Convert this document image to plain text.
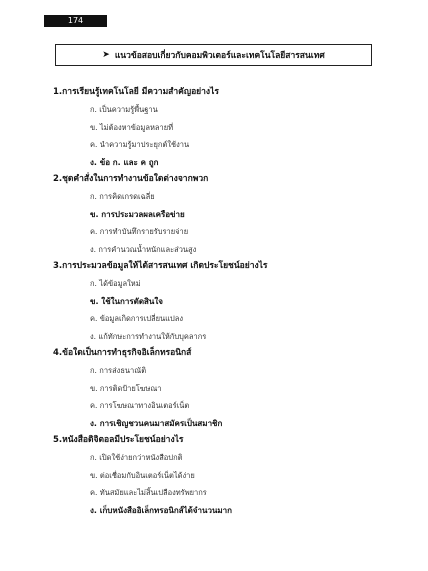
174
➤ แนวข้อสอบเกี่ยวกับคอมพิวเตอร์และเทคโนโลยีสารสนเทศ
1.การเรียนรู้เทคโนโลยี มีความสำคัญอย่างไร
ก. เป็นความรู้พื้นฐาน
ข. ไม่ต้องหาข้อมูลหลายที่
ค. นำความรู้มาประยุกต์ใช้งาน
ง. ข้อ ก. และ ค ถูก
2.ชุดคำสั่งในการทำงานข้อใดต่างจากพวก
ก. การคิดเกรดเฉลี่ย
ข. การประมวลผลเครือข่าย
ค. การทำบันทึกรายรับรายจ่าย
ง. การคำนวณน้ำหนักและส่วนสูง
3.การประมวลข้อมูลให้ได้สารสนเทศ เกิดประโยชน์อย่างไร
ก. ได้ข้อมูลใหม่
ข. ใช้ในการตัดสินใจ
ค. ข้อมูลเกิดการเปลี่ยนแปลง
ง. แก้ทักษะการทำงานให้กับบุคลากร
4.ข้อใดเป็นการทำธุรกิจอิเล็กทรอนิกส์
ก. การส่งธนาณัติ
ข. การติดป้ายโฆษณา
ค. การโฆษณาทางอินเตอร์เน็ต
ง. การเชิญชวนคนมาสมัครเป็นสมาชิก
5.หนังสือดิจิตอลมีประโยชน์อย่างไร
ก. เปิดใช้ง่ายกว่าหนังสือปกติ
ข. ต่อเชื่อมกับอินเตอร์เน็ตได้ง่าย
ค. ทันสมัยและไม่สิ้นเปลืองทรัพยากร
ง. เก็บหนังสืออิเล็กทรอนิกส์ได้จำนวนมาก
